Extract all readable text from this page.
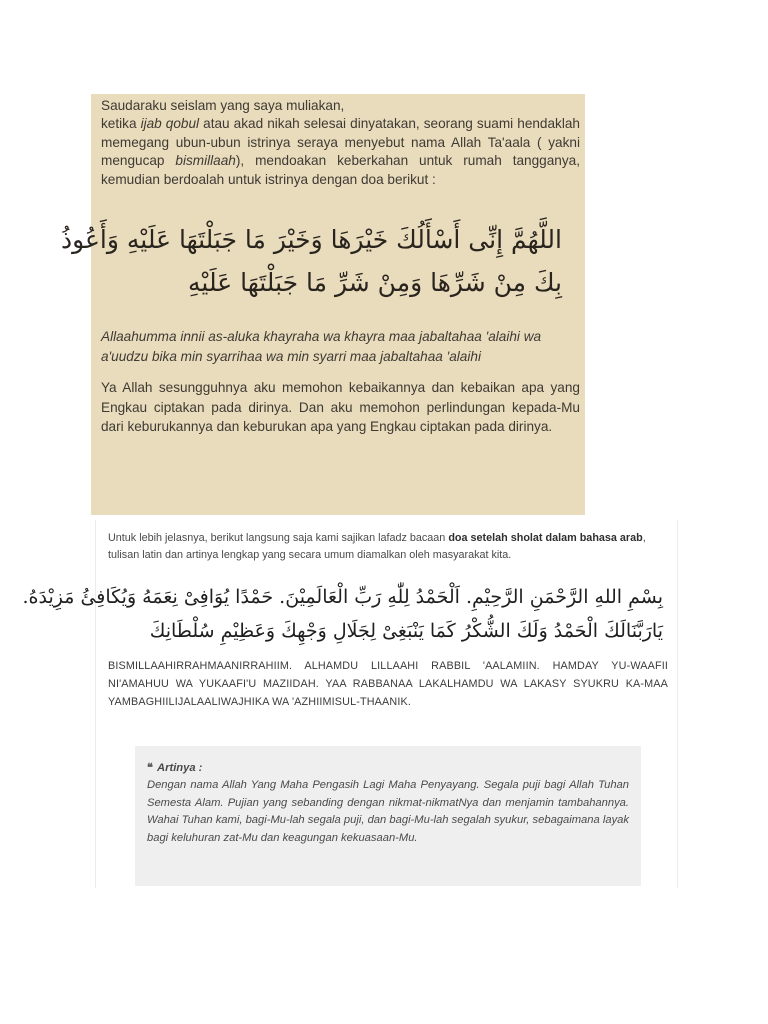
Saudaraku seislam yang saya muliakan,

ketika ijab qobul atau akad nikah selesai dinyatakan, seorang suami hendaklah memegang ubun-ubun istrinya seraya menyebut nama Allah Ta'aala ( yakni mengucap bismillaah), mendoakan keberkahan untuk rumah tangganya, kemudian berdoalah untuk istrinya dengan doa berikut :

اللَّهُمَّ إِنِّى أَسْأَلُكَ خَيْرَهَا وَخَيْرَ مَا جَبَلْتَهَا عَلَيْهِ وَأَعُوذُ

بِكَ مِنْ شَرِّهَا وَمِنْ شَرِّ مَا جَبَلْتَهَا عَلَيْهِ

Allaahumma innii as-aluka khayraha wa khayra maa jabaltahaa 'alaihi wa a'uudzu bika min syarrihaa wa min syarri maa jabaltahaa 'alaihi

Ya Allah sesungguhnya aku memohon kebaikannya dan kebaikan apa yang Engkau ciptakan pada dirinya. Dan aku memohon perlindungan kepada-Mu dari keburukannya dan keburukan apa yang Engkau ciptakan pada dirinya.

Untuk lebih jelasnya, berikut langsung saja kami sajikan lafadz bacaan doa setelah sholat dalam bahasa arab, tulisan latin dan artinya lengkap yang secara umum diamalkan oleh masyarakat kita.

بِسْمِ اللهِ الرَّحْمَنِ الرَّحِيْمِ. اَلْحَمْدُ لِلّٰهِ رَبِّ الْعَالَمِيْنَ. حَمْدًا يُوَافِىْ نِعَمَهُ وَيُكَافِئُ مَزِيْدَهُ.

يَارَبَّنَالَكَ الْحَمْدُ وَلَكَ الشُّكْرُ كَمَا يَنْبَغِىْ لِجَلَالِ وَجْهِكَ وَعَظِيْمِ سُلْطَانِكَ

BISMILLAAHIRRAHMAANIRRAHIIM. ALHAMDU LILLAAHI RABBIL 'AALAMIIN. HAMDAY YU-WAAFII NI'AMAHUU WA YUKAAFI'U MAZIIDAH. YAA RABBANAA LAKALHAMDU WA LAKASY SYUKRU KA-MAA YAMBAGHIILIJALAALIWAJHIKA WA 'AZHIIMISUL-THAANIK.

❝ Artinya :

Dengan nama Allah Yang Maha Pengasih Lagi Maha Penyayang. Segala puji bagi Allah Tuhan Semesta Alam. Pujian yang sebanding dengan nikmat-nikmatNya dan menjamin tambahannya. Wahai Tuhan kami, bagi-Mu-lah segala puji, dan bagi-Mu-lah segalah syukur, sebagaimana layak bagi keluhuran zat-Mu dan keagungan kekuasaan-Mu.
